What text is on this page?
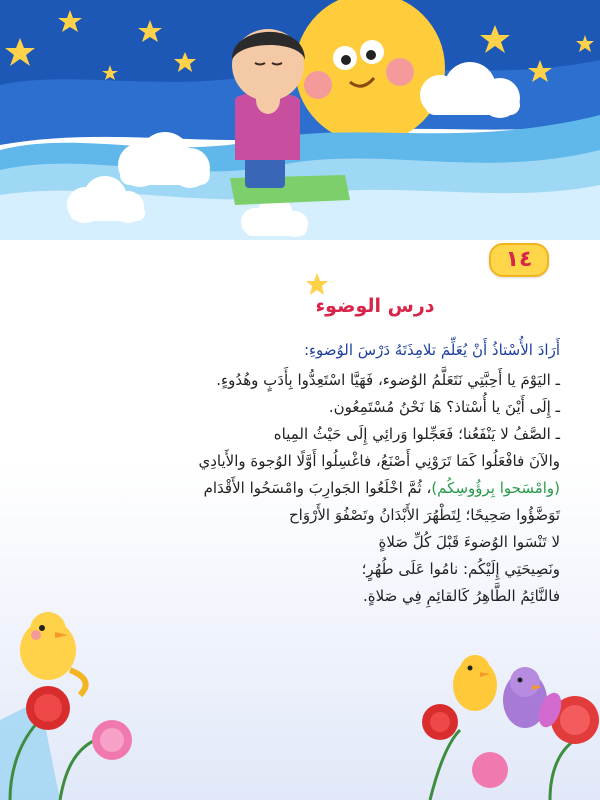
١٤
درس الوضوء

أَرَادَ الأُسْتاذُ أَنْ يُعَلِّمَ تلامِذَتَهُ دَرْسَ الوُضوءِ:

ـ اليَوْمَ يا أَحِبَّتِي نَتَعَلَّمُ الوُضوء، فَهَيَّا اسْتَعِدُّوا بِأَدَبٍ وهُدُوءٍ.

ـ إِلَى أَيْنَ يا أُسْتاذ؟ هَا نَحْنُ مُسْتَمِعُون.

ـ الصَّفُ لا يَنْفَعُنا؛ فَعَجِّلوا وَرائِي إِلَى حَيْثُ المِياه

والآنَ فافْعَلُوا كَمَا تَرَوْنِي أَصْنَعُ، فاغْسِلُوا أَوَّلًا الوُجوهَ والأَيادِي

(وامْسَحوا بِرؤُوسِكُم)، ثُمَّ اخْلَعُوا الجَوارِبَ وامْسَحُوا الأَقْدَام

تَوَضَّؤُوا صَحِيحًا؛ لِتَطْهُرَ الأَبْدَانُ وتَصْفُوَ الأَرْوَاح

لا تَنْسَوا الوُضوءَ قَبْلَ كُلِّ صَلاةٍ

ونَصِيحَتِي إِلَيْكُم: نامُوا عَلَى طُهُرٍ؛

فالنَّائِمُ الطَّاهِرُ كَالقائِمِ فِي صَلاةٍ.
